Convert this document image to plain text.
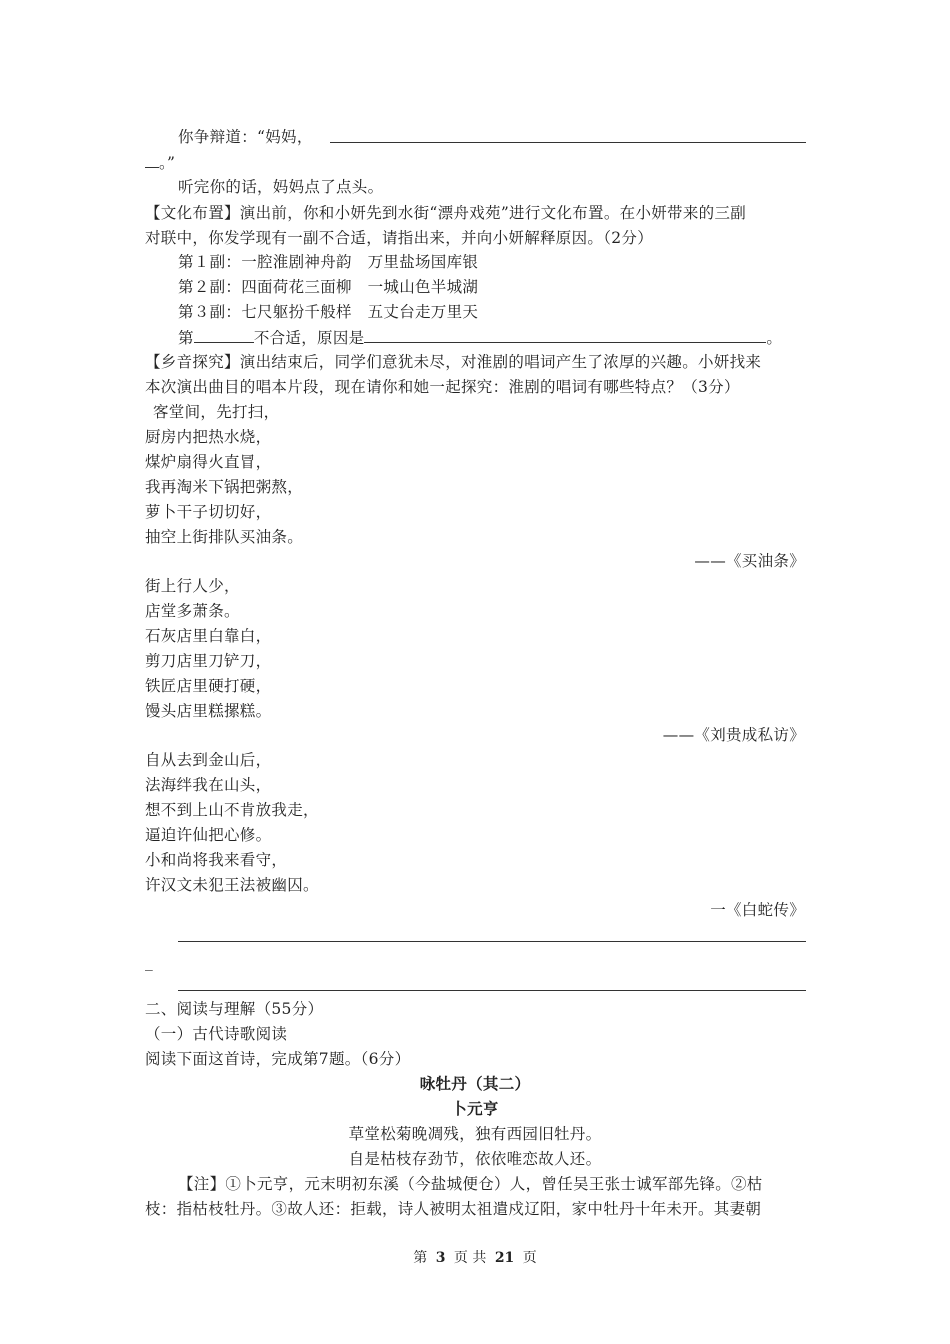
你争辩道：“妈妈，
。”
听完你的话，妈妈点了点头。
【文化布置】演出前，你和小妍先到水街“漂舟戏苑”进行文化布置。在小妍带来的三副
对联中，你发学现有一副不合适，请指出来，并向小妍解释原因。（2分）
第１副：一腔淮剧神舟韵　万里盐场国库银
第２副：四面荷花三面柳　一城山色半城湖
第３副：七尺躯扮千般样　五丈台走万里天
第	不合适，原因是	。
【乡音探究】演出结束后，同学们意犹未尽，对淮剧的唱词产生了浓厚的兴趣。小妍找来
本次演出曲目的唱本片段，现在请你和她一起探究：淮剧的唱词有哪些特点？（3分）
客堂间，先打扫，
厨房内把热水烧，
煤炉扇得火直冒，
我再淘米下锅把粥熬，
萝卜干子切切好，
抽空上街排队买油条。
——《买油条》
街上行人少，
店堂多萧条。
石灰店里白靠白，
剪刀店里刀铲刀，
铁匠店里硬打硬，
馒头店里糕摞糕。
——《刘贵成私访》
自从去到金山后，
法海绊我在山头，
想不到上山不肯放我走，
逼迫许仙把心修。
小和尚将我来看守，
许汉文未犯王法被幽囚。
一《白蛇传》
_
二、阅读与理解（55分）
（一）古代诗歌阅读
阅读下面这首诗，完成第7题。（6分）
咏牡丹（其二）
卜元亨
草堂松菊晚凋残，独有西园旧牡丹。
自是枯枝存劲节，依依唯恋故人还。
【注】①卜元亨，元末明初东溪（今盐城便仓）人，曾任吴王张士诚军部先锋。②枯
枝：指枯枝牡丹。③故人还：拒载，诗人被明太祖遣戍辽阳，家中牡丹十年未开。其妻朝
第 3 页 共 21 页
